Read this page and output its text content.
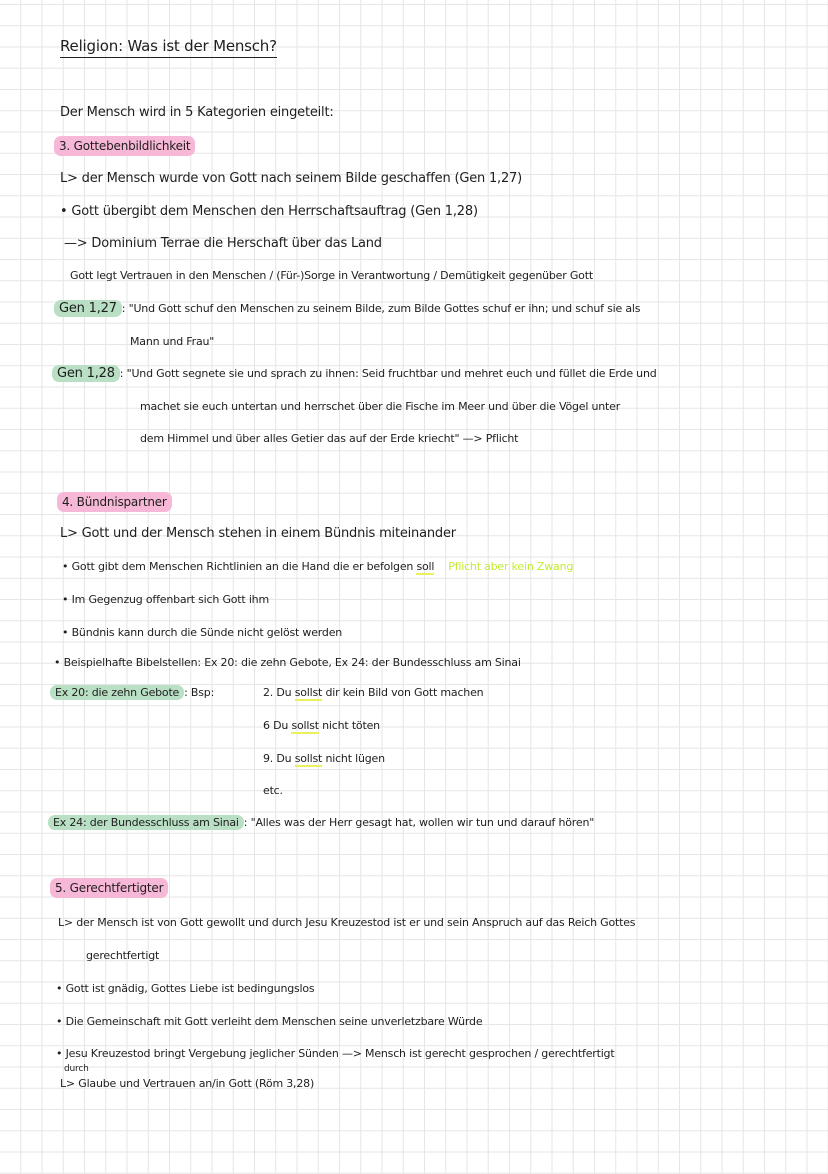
Religion: Was ist der Mensch?
Der Mensch wird in 5 Kategorien eingeteilt:
3. Gottebenbildlichkeit
L> der Mensch wurde von Gott nach seinem Bilde geschaffen (Gen 1,27)
• Gott übergibt dem Menschen den Herrschaftsauftrag (Gen 1,28)
—> Dominium Terrae die Herschaft über das Land
Gott legt Vertrauen in den Menschen / (Für-)Sorge in Verantwortung / Demütigkeit gegenüber Gott
Gen 1,27 : "Und Gott schuf den Menschen zu seinem Bilde, zum Bilde Gottes schuf er ihn; und schuf sie als
Mann und Frau"
Gen 1,28 : "Und Gott segnete sie und sprach zu ihnen: Seid fruchtbar und mehret euch und füllet die Erde und
machet sie euch untertan und herrschet über die Fische im Meer und über die Vögel unter
dem Himmel und über alles Getier das auf der Erde kriecht" —> Pflicht
4. Bündnispartner
L> Gott und der Mensch stehen in einem Bündnis miteinander
• Gott gibt dem Menschen Richtlinien an die Hand die er befolgen soll Pflicht aber kein Zwang
• Im Gegenzug offenbart sich Gott ihm
• Bündnis kann durch die Sünde nicht gelöst werden
• Beispielhafte Bibelstellen: Ex 20: die zehn Gebote, Ex 24: der Bundesschluss am Sinai
Ex 20: die zehn Gebote : Bsp:	2. Du sollst dir kein Bild von Gott machen
6 Du sollst nicht töten
9. Du sollst nicht lügen
etc.
Ex 24: der Bundesschluss am Sinai : "Alles was der Herr gesagt hat, wollen wir tun und darauf hören"
5. Gerechtfertigter
L> der Mensch ist von Gott gewollt und durch Jesu Kreuzestod ist er und sein Anspruch auf das Reich Gottes
gerechtfertigt
• Gott ist gnädig, Gottes Liebe ist bedingungslos
• Die Gemeinschaft mit Gott verleiht dem Menschen seine unverletzbare Würde
• Jesu Kreuzestod bringt Vergebung jeglicher Sünden —> Mensch ist gerecht gesprochen / gerechtfertigt
durch
L> Glaube und Vertrauen an/in Gott (Röm 3,28)
